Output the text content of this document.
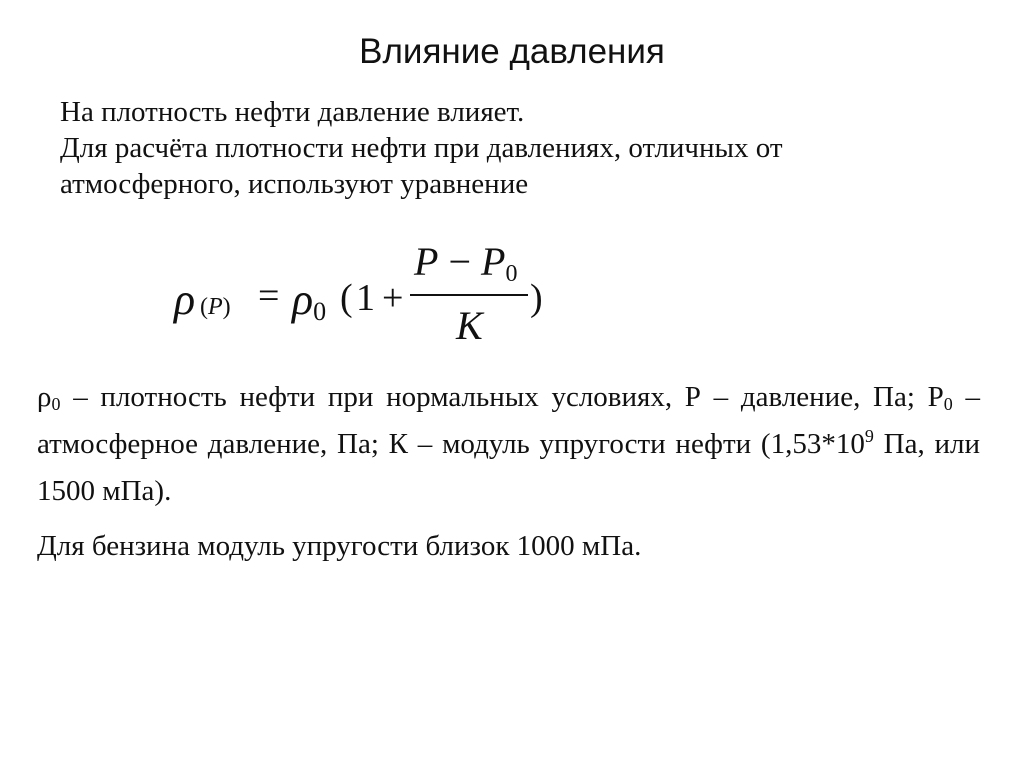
Влияние давления

На плотность нефти давление влияет.

Для расчёта плотности нефти при давлениях, отличных от атмосферного, используют уравнение

ρ $(P) = \rho_0$ ( 1 +
$P - P_0$
K
)

$\rho_0$ – плотность нефти при нормальных условиях, Р – давление, Па; $Р_0$ – атмосферное давление, Па; К – модуль упругости нефти ($1,53*10^9$ Па, или 1500 мПа).

Для бензина модуль упругости близок 1000 мПа.
